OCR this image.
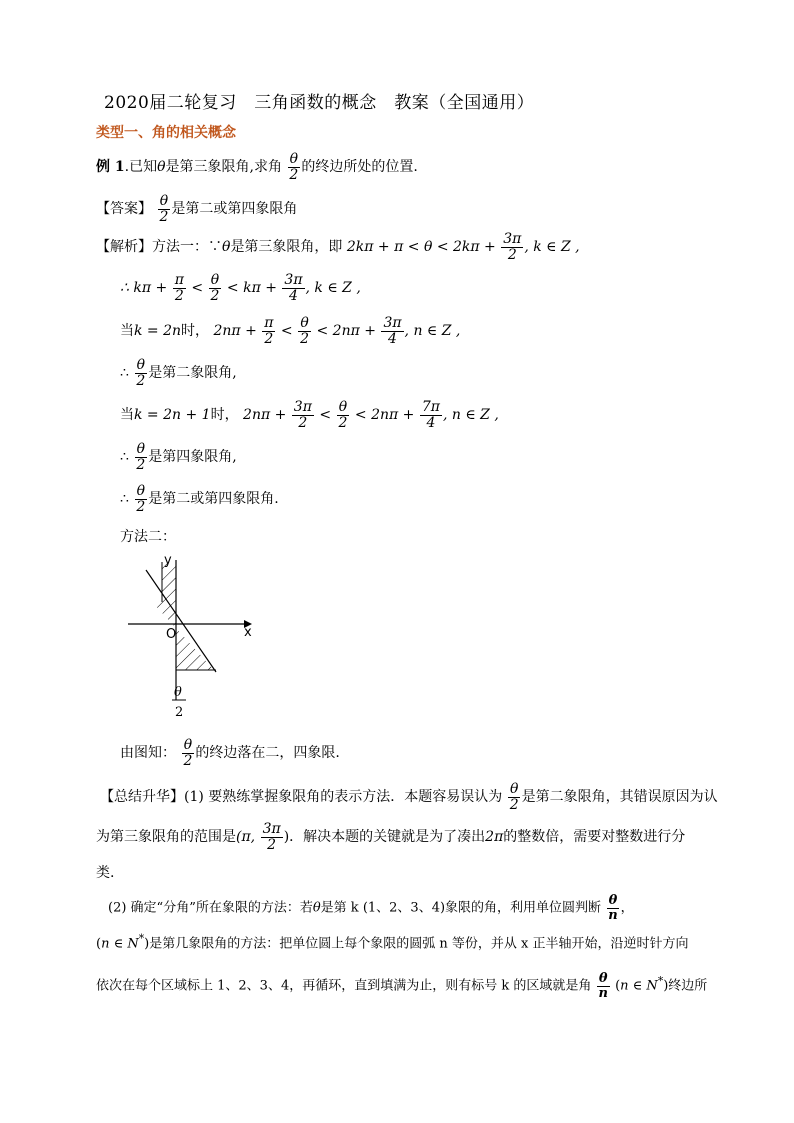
2020届二轮复习　三角函数的概念　教案（全国通用）
类型一、角的相关概念
例 1.已知θ是第三象限角,求角 $\frac{\theta}{2}$ 的终边所处的位置.
【答案】 $\frac{\theta}{2}$ 是第二或第四象限角
【解析】方法一：∵θ是第三象限角，即 $2k\pi + \pi < \theta < 2k\pi + \frac{3\pi}{2}$ , k ∈ Z ,
∴ $k\pi + \frac{\pi}{2} < \frac{\theta}{2} < k\pi + \frac{3\pi}{4}$ , k ∈ Z ,
当k = 2n时， $2n\pi + \frac{\pi}{2} < \frac{\theta}{2} < 2n\pi + \frac{3\pi}{4}$ , n ∈ Z ,
∴ $\frac{\theta}{2}$ 是第二象限角,
当k = 2n + 1时， $2n\pi + \frac{3\pi}{2} < \frac{\theta}{2} < 2n\pi + \frac{7\pi}{4}$ , n ∈ Z ,
∴ $\frac{\theta}{2}$ 是第四象限角,
∴ $\frac{\theta}{2}$ 是第二或第四象限角.
方法二：
y
x
O
θ
2
由图知： $\frac{\theta}{2}$ 的终边落在二，四象限.
【总结升华】(1) 要熟练掌握象限角的表示方法．本题容易误认为 $\frac{\theta}{2}$ 是第二象限角，其错误原因为认
为第三象限角的范围是(π, $\frac{3\pi}{2}$ )．解决本题的关键就是为了凑出2π的整数倍，需要对整数进行分
类.
(2) 确定“分角”所在象限的方法：若θ是第 k (1、2、3、4)象限的角，利用单位圆判断 $\frac{\theta}{n}$ ，
(n ∈ N*)是第几象限角的方法：把单位圆上每个象限的圆弧 n 等份，并从 x 正半轴开始，沿逆时针方向
依次在每个区域标上 1、2、3、4，再循环，直到填满为止，则有标号 k 的区域就是角 $\frac{\theta}{n} (n$ ∈ N*)终边所
